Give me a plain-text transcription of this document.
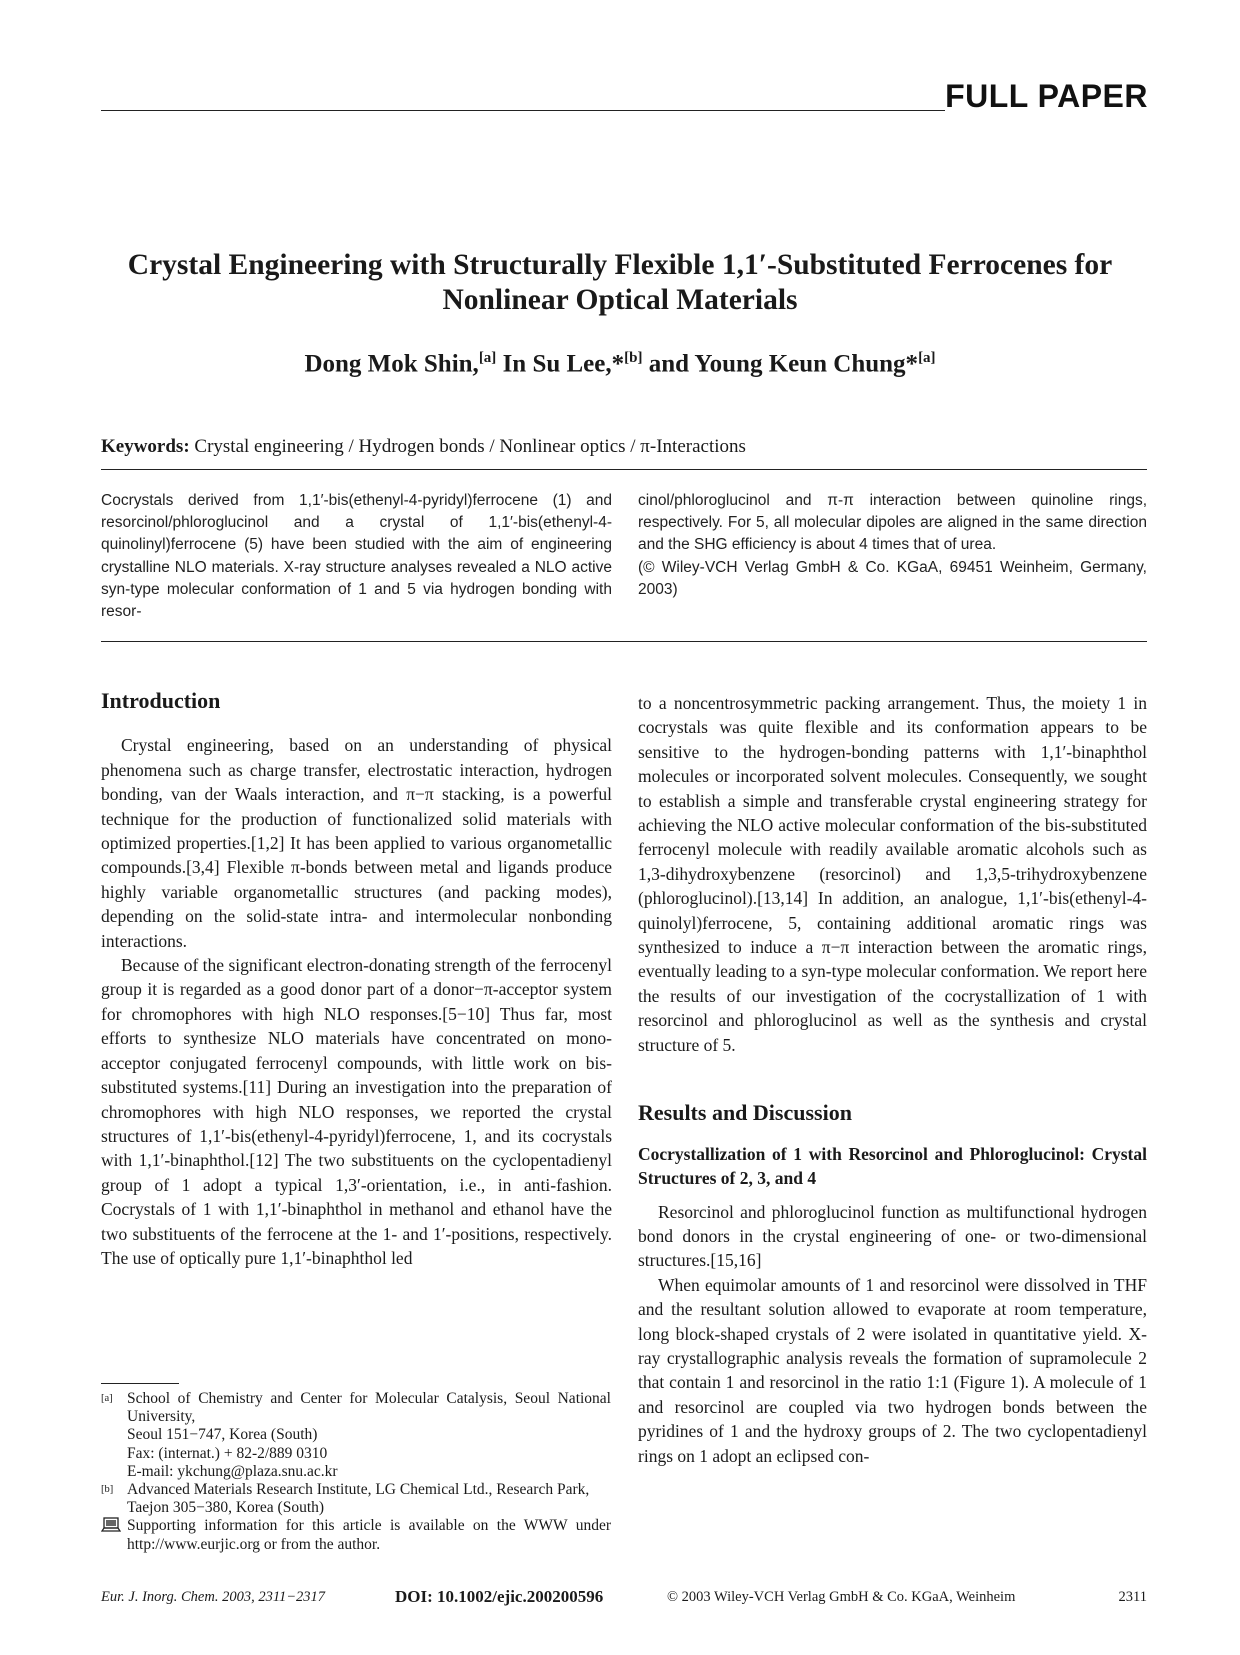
FULL PAPER
Crystal Engineering with Structurally Flexible 1,1′-Substituted Ferrocenes for Nonlinear Optical Materials
Dong Mok Shin,[a] In Su Lee,*[b] and Young Keun Chung*[a]
Keywords: Crystal engineering / Hydrogen bonds / Nonlinear optics / π-Interactions

Cocrystals derived from 1,1′-bis(ethenyl-4-pyridyl)ferrocene (1) and resorcinol/phloroglucinol and a crystal of 1,1′-bis(ethenyl-4-quinolinyl)ferrocene (5) have been studied with the aim of engineering crystalline NLO materials. X-ray structure analyses revealed a NLO active syn-type molecular conformation of 1 and 5 via hydrogen bonding with resor-

cinol/phloroglucinol and π-π interaction between quinoline rings, respectively. For 5, all molecular dipoles are aligned in the same direction and the SHG efficiency is about 4 times that of urea.

(© Wiley-VCH Verlag GmbH & Co. KGaA, 69451 Weinheim, Germany, 2003)

Introduction

Crystal engineering, based on an understanding of physical phenomena such as charge transfer, electrostatic interaction, hydrogen bonding, van der Waals interaction, and π−π stacking, is a powerful technique for the production of functionalized solid materials with optimized properties.[1,2] It has been applied to various organometallic compounds.[3,4] Flexible π-bonds between metal and ligands produce highly variable organometallic structures (and packing modes), depending on the solid-state intra- and intermolecular nonbonding interactions.

Because of the significant electron-donating strength of the ferrocenyl group it is regarded as a good donor part of a donor−π-acceptor system for chromophores with high NLO responses.[5−10] Thus far, most efforts to synthesize NLO materials have concentrated on mono-acceptor conjugated ferrocenyl compounds, with little work on bis-substituted systems.[11] During an investigation into the preparation of chromophores with high NLO responses, we reported the crystal structures of 1,1′-bis(ethenyl-4-pyridyl)ferrocene, 1, and its cocrystals with 1,1′-binaphthol.[12] The two substituents on the cyclopentadienyl group of 1 adopt a typical 1,3′-orientation, i.e., in anti-fashion. Cocrystals of 1 with 1,1′-binaphthol in methanol and ethanol have the two substituents of the ferrocene at the 1- and 1′-positions, respectively. The use of optically pure 1,1′-binaphthol led

to a noncentrosymmetric packing arrangement. Thus, the moiety 1 in cocrystals was quite flexible and its conformation appears to be sensitive to the hydrogen-bonding patterns with 1,1′-binaphthol molecules or incorporated solvent molecules. Consequently, we sought to establish a simple and transferable crystal engineering strategy for achieving the NLO active molecular conformation of the bis-substituted ferrocenyl molecule with readily available aromatic alcohols such as 1,3-dihydroxybenzene (resorcinol) and 1,3,5-trihydroxybenzene (phloroglucinol).[13,14] In addition, an analogue, 1,1′-bis(ethenyl-4-quinolyl)ferrocene, 5, containing additional aromatic rings was synthesized to induce a π−π interaction between the aromatic rings, eventually leading to a syn-type molecular conformation. We report here the results of our investigation of the cocrystallization of 1 with resorcinol and phloroglucinol as well as the synthesis and crystal structure of 5.

Results and Discussion
Cocrystallization of 1 with Resorcinol and Phloroglucinol: Crystal Structures of 2, 3, and 4

Resorcinol and phloroglucinol function as multifunctional hydrogen bond donors in the crystal engineering of one- or two-dimensional structures.[15,16]

When equimolar amounts of 1 and resorcinol were dissolved in THF and the resultant solution allowed to evaporate at room temperature, long block-shaped crystals of 2 were isolated in quantitative yield. X-ray crystallographic analysis reveals the formation of supramolecule 2 that contain 1 and resorcinol in the ratio 1:1 (Figure 1). A molecule of 1 and resorcinol are coupled via two hydrogen bonds between the pyridines of 1 and the hydroxy groups of 2. The two cyclopentadienyl rings on 1 adopt an eclipsed con-

[a] School of Chemistry and Center for Molecular Catalysis, Seoul National University,
Seoul 151−747, Korea (South)
Fax: (internat.) + 82-2/889 0310
E-mail: ykchung@plaza.snu.ac.kr
[b] Advanced Materials Research Institute, LG Chemical Ltd., Research Park,
Taejon 305−380, Korea (South)
Supporting information for this article is available on the WWW under http://www.eurjic.org or from the author.
Eur. J. Inorg. Chem. 2003, 2311−2317	DOI: 10.1002/ejic.200200596	© 2003 Wiley-VCH Verlag GmbH & Co. KGaA, Weinheim	2311
